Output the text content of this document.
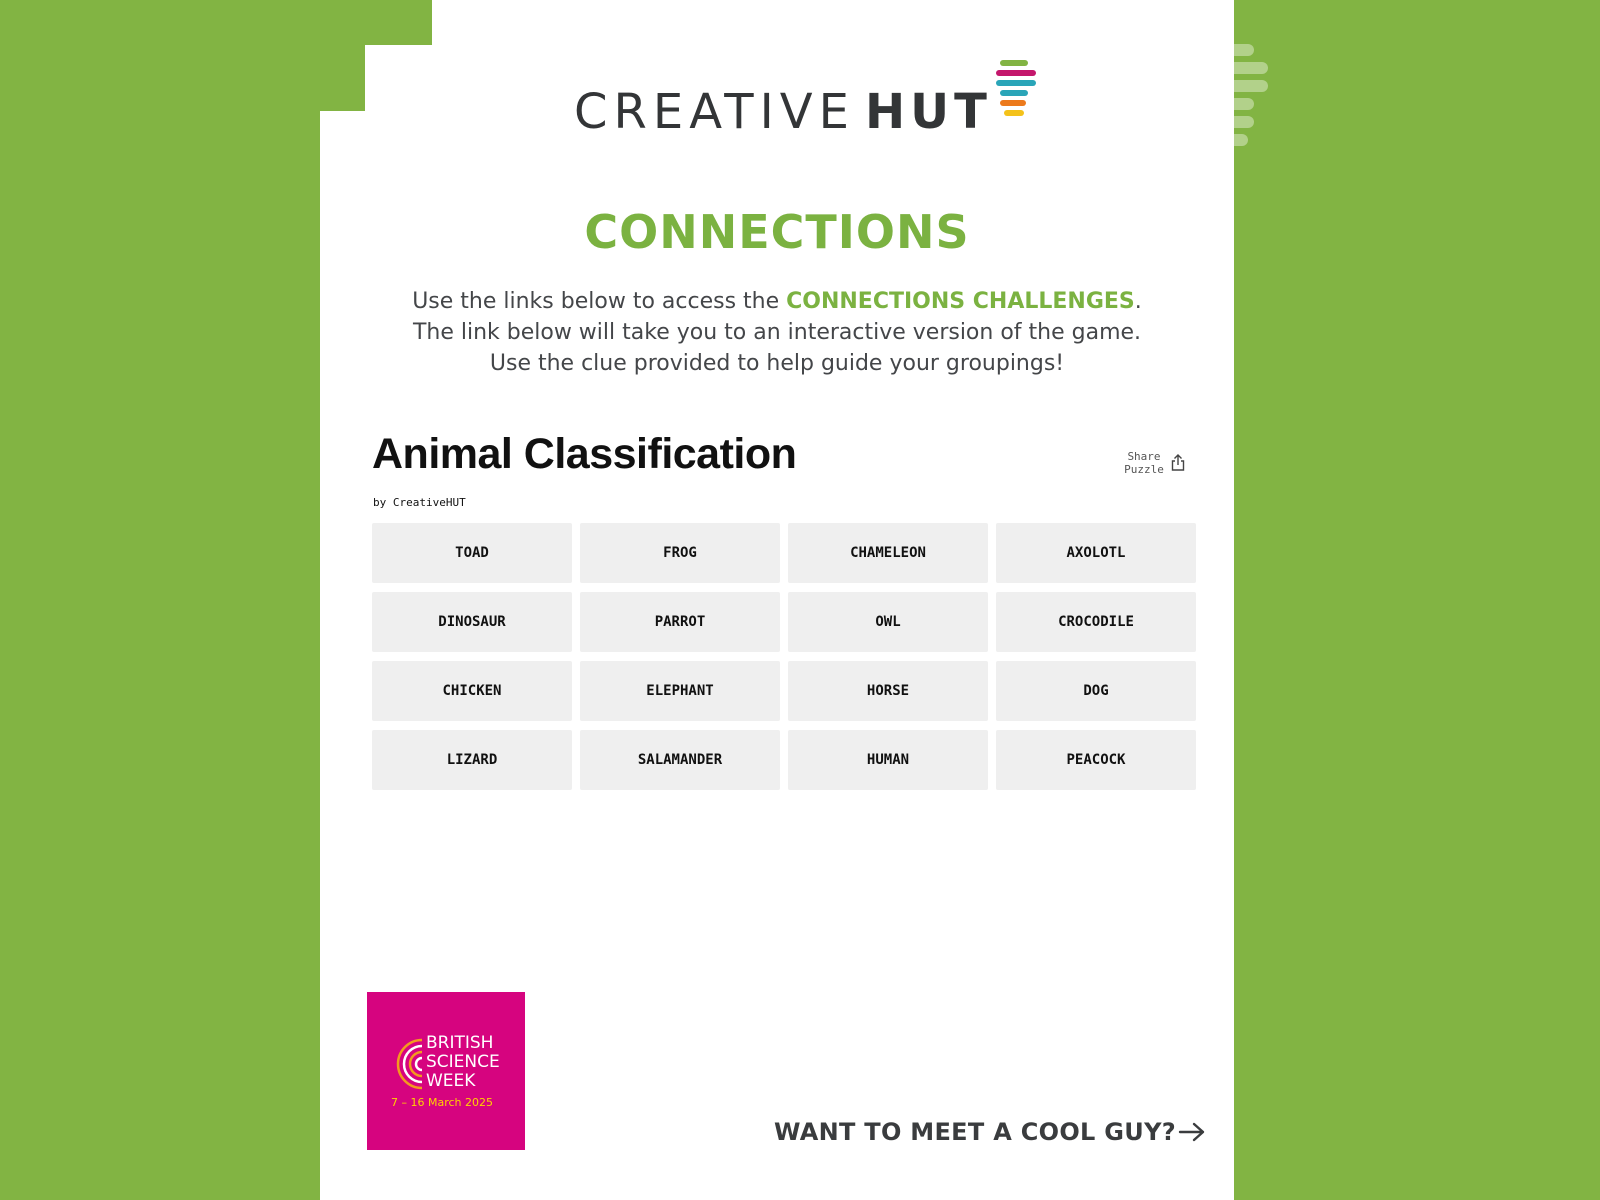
CREATIVE HUT
CONNECTIONS
Use the links below to access the CONNECTIONS CHALLENGES.
The link below will take you to an interactive version of the game.
Use the clue provided to help guide your groupings!
Animal Classification
by CreativeHUT
Share
Puzzle
TOAD	FROG	CHAMELEON	AXOLOTL
DINOSAUR	PARROT	OWL	CROCODILE
CHICKEN	ELEPHANT	HORSE	DOG
LIZARD	SALAMANDER	HUMAN	PEACOCK
BRITISH
SCIENCE
WEEK
7 – 16 March 2025
WANT TO MEET A COOL GUY?
